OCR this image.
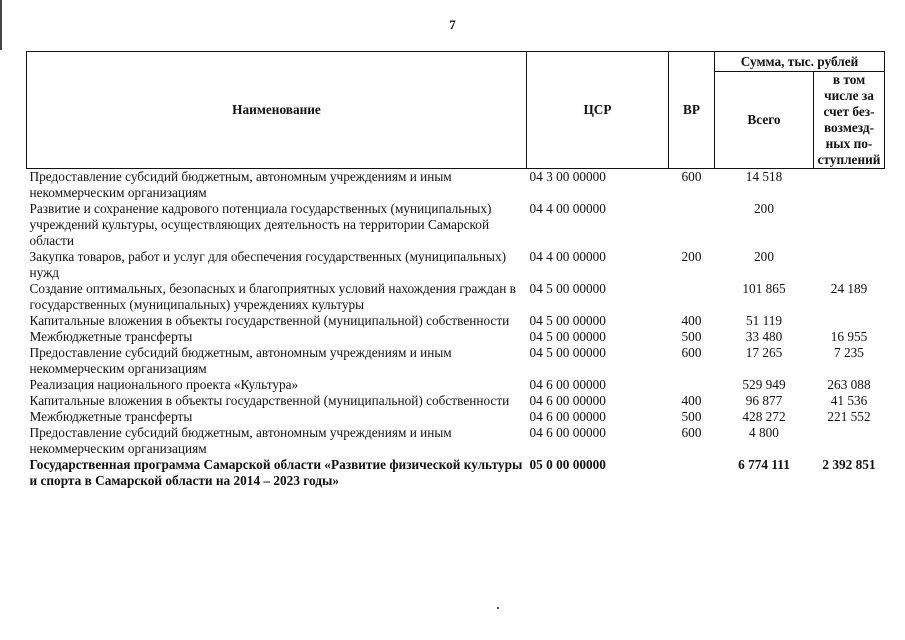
7
Наименование	ЦСР	ВР	Сумма, тыс. рублей	
			Всего	в том числе за счет без-возмезд-ных по-ступлений
Предоставление субсидий бюджетным, автономным учреждениям и иным некоммерческим организациям	04 3 00 00000	600	14 518	
Развитие и сохранение кадрового потенциала государственных (муниципальных) учреждений культуры, осуществляющих деятельность на территории Самарской области	04 4 00 00000		200	
Закупка товаров, работ и услуг для обеспечения государственных (муниципальных) нужд	04 4 00 00000	200	200	
Создание оптимальных, безопасных и благоприятных условий нахождения граждан в государственных (муниципальных) учреждениях культуры	04 5 00 00000		101 865	24 189
Капитальные вложения в объекты государственной (муниципальной) собственности	04 5 00 00000	400	51 119	
Межбюджетные трансферты	04 5 00 00000	500	33 480	16 955
Предоставление субсидий бюджетным, автономным учреждениям и иным некоммерческим организациям	04 5 00 00000	600	17 265	7 235
Реализация национального проекта «Культура»	04 6 00 00000		529 949	263 088
Капитальные вложения в объекты государственной (муниципальной) собственности	04 6 00 00000	400	96 877	41 536
Межбюджетные трансферты	04 6 00 00000	500	428 272	221 552
Предоставление субсидий бюджетным, автономным учреждениям и иным некоммерческим организациям	04 6 00 00000	600	4 800	
Государственная программа Самарской области «Развитие физической культуры и спорта в Самарской области на 2014 – 2023 годы»	05 0 00 00000		6 774 111	2 392 851
